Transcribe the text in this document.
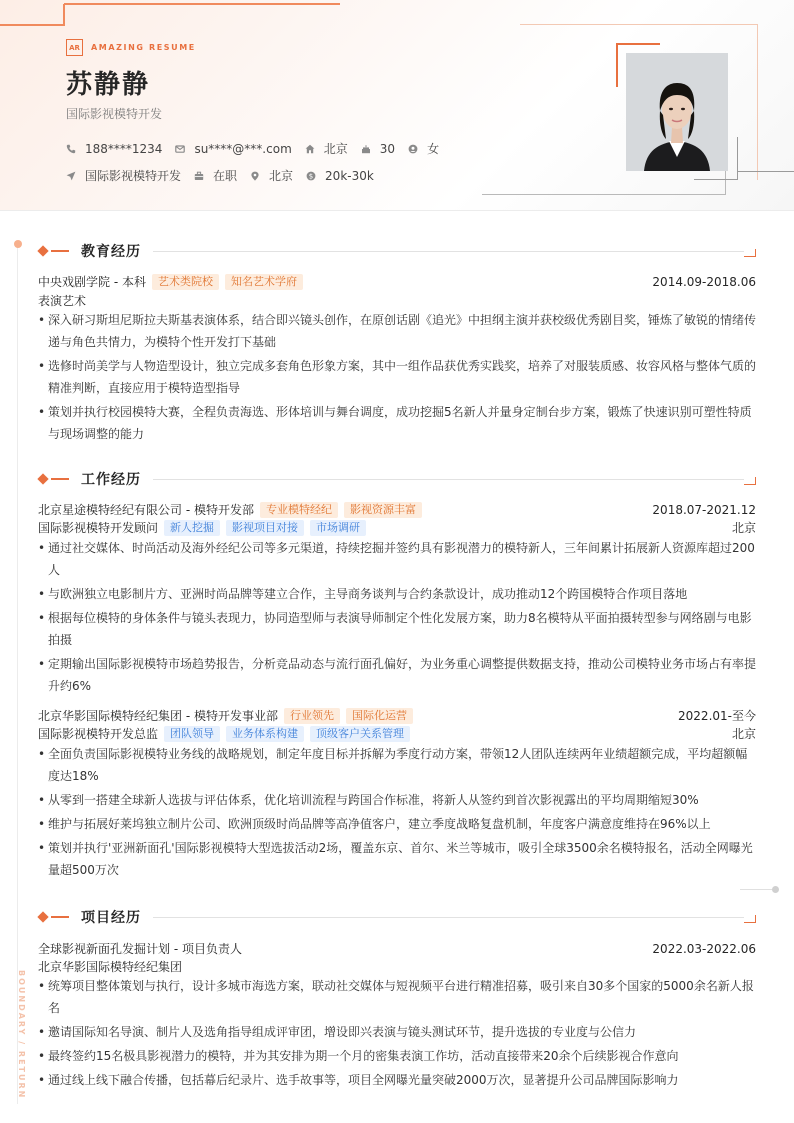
AR	AMAZING RESUME
苏静静
国际影视模特开发
188****1234	su****@***.com	北京	30	女
国际影视模特开发	在职	北京 $ 20k-30k
BOUNDARY / RETURN
教育经历
中央戏剧学院 - 本科	艺术类院校	知名艺术学府	2014.09-2018.06
表演艺术
• 深入研习斯坦尼斯拉夫斯基表演体系，结合即兴镜头创作，在原创话剧《追光》中担纲主演并获校级优秀剧目奖，锤炼了敏锐的情绪传递与角色共情力，为模特个性开发打下基础
• 选修时尚美学与人物造型设计，独立完成多套角色形象方案，其中一组作品获优秀实践奖，培养了对服装质感、妆容风格与整体气质的精准判断，直接应用于模特造型指导
• 策划并执行校园模特大赛，全程负责海选、形体培训与舞台调度，成功挖掘5名新人并量身定制台步方案，锻炼了快速识别可塑性特质与现场调整的能力
工作经历
北京星途模特经纪有限公司 - 模特开发部	专业模特经纪	影视资源丰富	2018.07-2021.12
国际影视模特开发顾问	新人挖掘	影视项目对接	市场调研	北京
• 通过社交媒体、时尚活动及海外经纪公司等多元渠道，持续挖掘并签约具有影视潜力的模特新人，三年间累计拓展新人资源库超过200人
• 与欧洲独立电影制片方、亚洲时尚品牌等建立合作，主导商务谈判与合约条款设计，成功推动12个跨国模特合作项目落地
• 根据每位模特的身体条件与镜头表现力，协同造型师与表演导师制定个性化发展方案，助力8名模特从平面拍摄转型参与网络剧与电影拍摄
• 定期输出国际影视模特市场趋势报告，分析竞品动态与流行面孔偏好，为业务重心调整提供数据支持，推动公司模特业务市场占有率提升约6%
北京华影国际模特经纪集团 - 模特开发事业部	行业领先	国际化运营	2022.01-至今
国际影视模特开发总监	团队领导	业务体系构建	顶级客户关系管理	北京
• 全面负责国际影视模特业务线的战略规划，制定年度目标并拆解为季度行动方案，带领12人团队连续两年业绩超额完成，平均超额幅度达18%
• 从零到一搭建全球新人选拔与评估体系，优化培训流程与跨国合作标准，将新人从签约到首次影视露出的平均周期缩短30%
• 维护与拓展好莱坞独立制片公司、欧洲顶级时尚品牌等高净值客户，建立季度战略复盘机制，年度客户满意度维持在96%以上
• 策划并执行'亚洲新面孔'国际影视模特大型选拔活动2场，覆盖东京、首尔、米兰等城市，吸引全球3500余名模特报名，活动全网曝光量超500万次
项目经历
全球影视新面孔发掘计划 - 项目负责人	2022.03-2022.06
北京华影国际模特经纪集团
• 统筹项目整体策划与执行，设计多城市海选方案，联动社交媒体与短视频平台进行精准招募，吸引来自30多个国家的5000余名新人报名
• 邀请国际知名导演、制片人及选角指导组成评审团，增设即兴表演与镜头测试环节，提升选拔的专业度与公信力
• 最终签约15名极具影视潜力的模特，并为其安排为期一个月的密集表演工作坊，活动直接带来20余个后续影视合作意向
• 通过线上线下融合传播，包括幕后纪录片、选手故事等，项目全网曝光量突破2000万次，显著提升公司品牌国际影响力
